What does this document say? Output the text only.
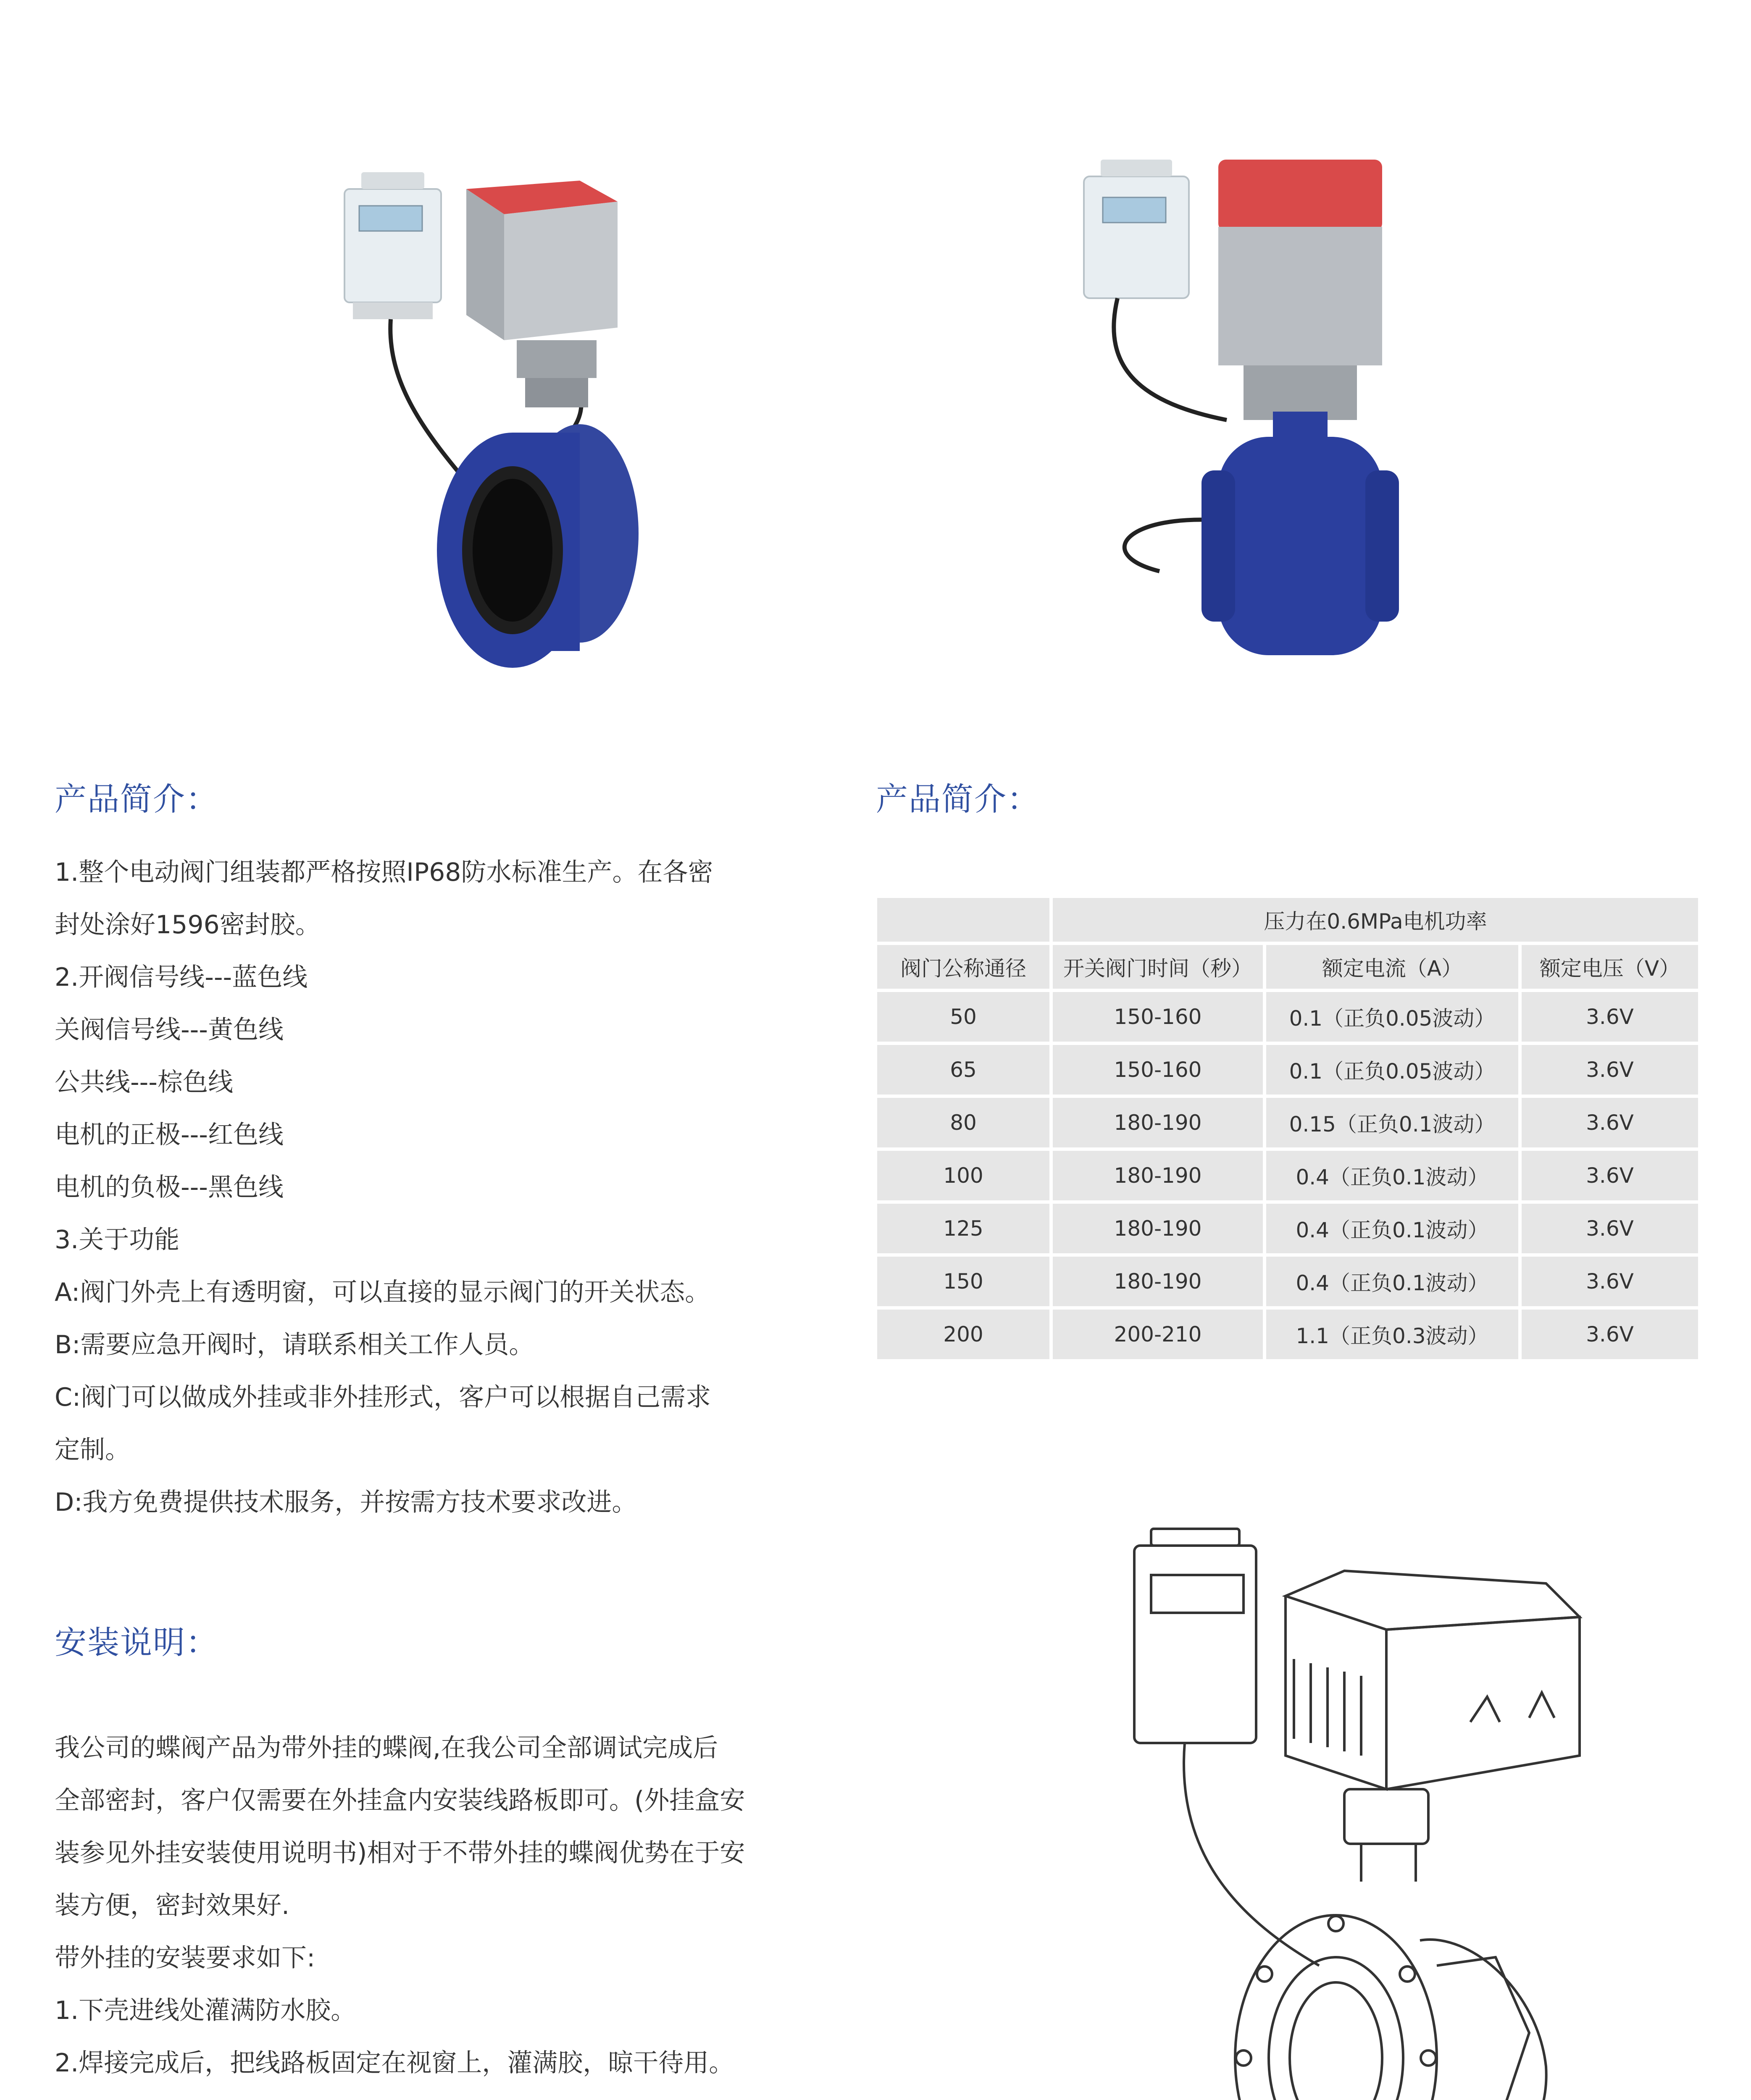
产品简介：
1.整个电动阀门组装都严格按照IP68防水标准生产。在各密
封处涂好1596密封胶。
2.开阀信号线---蓝色线
关阀信号线---黄色线
公共线---棕色线
电机的正极---红色线
电机的负极---黑色线
3.关于功能
A:阀门外壳上有透明窗，可以直接的显示阀门的开关状态。
B:需要应急开阀时，请联系相关工作人员。
C:阀门可以做成外挂或非外挂形式，客户可以根据自己需求
定制。
D:我方免费提供技术服务，并按需方技术要求改进。
安装说明：
我公司的蝶阀产品为带外挂的蝶阀,在我公司全部调试完成后
全部密封，客户仅需要在外挂盒内安装线路板即可。(外挂盒安
装参见外挂安装使用说明书)相对于不带外挂的蝶阀优势在于安
装方便，密封效果好.
带外挂的安装要求如下:
1.下壳进线处灌满防水胶。
2.焊接完成后，把线路板固定在视窗上，灌满胶，晾干待用。
产品简介：
	压力在0.6MPa电机功率		
阀门公称通径	开关阀门时间（秒）	额定电流（A）	额定电压（V）
50	150-160	0.1（正负0.05波动）	3.6V
65	150-160	0.1（正负0.05波动）	3.6V
80	180-190	0.15（正负0.1波动）	3.6V
100	180-190	0.4（正负0.1波动）	3.6V
125	180-190	0.4（正负0.1波动）	3.6V
150	180-190	0.4（正负0.1波动）	3.6V
200	200-210	1.1（正负0.3波动）	3.6V
